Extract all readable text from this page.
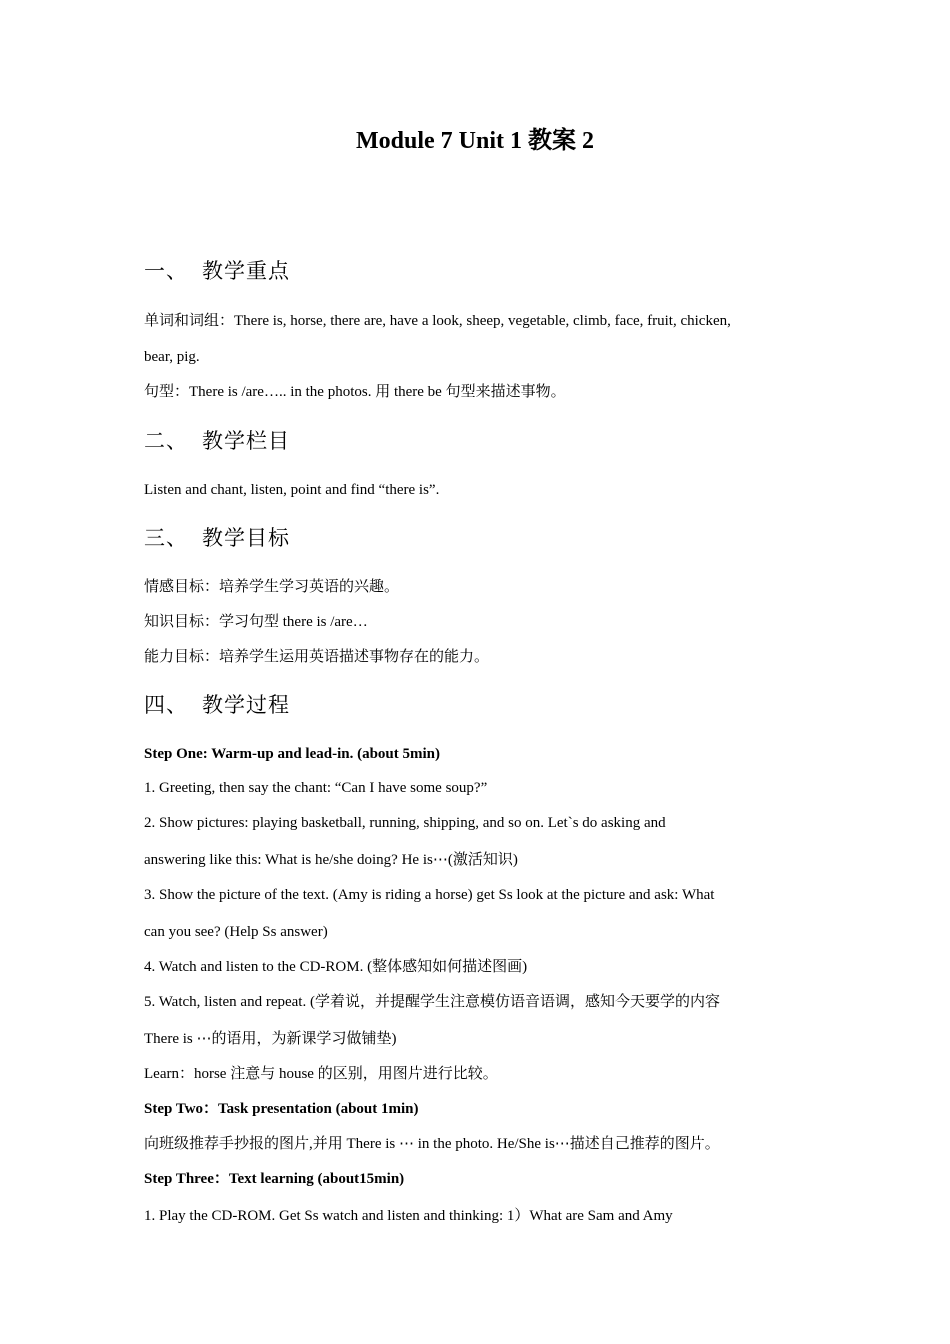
Module 7 Unit 1 教案 2
一、 教学重点
单词和词组：There is, horse, there are, have a look, sheep, vegetable, climb, face, fruit, chicken,
bear, pig.
句型：There is /are….. in the photos. 用 there be 句型来描述事物。
二、 教学栏目
Listen and chant, listen, point and find “there is”.
三、 教学目标
情感目标：培养学生学习英语的兴趣。
知识目标：学习句型 there is /are…
能力目标：培养学生运用英语描述事物存在的能力。
四、 教学过程
Step One: Warm-up and lead-in. (about 5min)
1. Greeting, then say the chant: “Can I have some soup?”
2. Show pictures: playing basketball, running, shipping, and so on. Let`s do asking and
answering like this: What is he/she doing? He is⋯(激活知识)
3. Show the picture of the text. (Amy is riding a horse) get Ss look at the picture and ask: What
can you see? (Help Ss answer)
4. Watch and listen to the CD-ROM. (整体感知如何描述图画)
5. Watch, listen and repeat. (学着说，并提醒学生注意模仿语音语调，感知今天要学的内容
There is ⋯的语用，为新课学习做铺垫)
Learn：horse 注意与 house 的区别，用图片进行比较。
Step Two：Task presentation (about 1min)
向班级推荐手抄报的图片,并用 There is ⋯ in the photo. He/She is⋯描述自己推荐的图片。
Step Three：Text learning (about15min)
1. Play the CD-ROM. Get Ss watch and listen and thinking: 1）What are Sam and Amy
